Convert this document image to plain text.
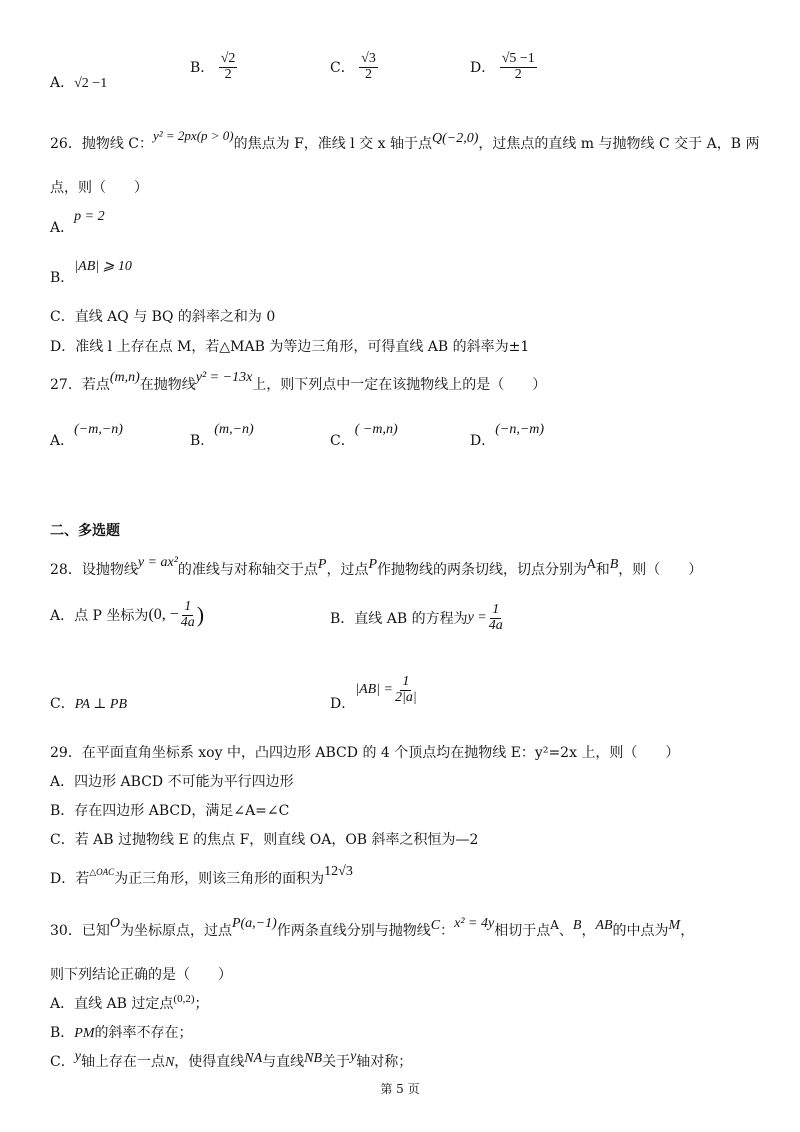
A．√2 −1
B． $\frac{√2}{2}$	C． $\frac{√3}{2}$	D． $\frac{√5 -1}{2}$
26．抛物线 C：y² = 2px(p > 0)的焦点为 F，准线 l 交 x 轴于点Q(−2,0)，过焦点的直线 m 与抛物线 C 交于 A，B 两
点，则（　　）
A．p = 2
B．|AB| ⩾ 10
C．直线 AQ 与 BQ 的斜率之和为 0
D．准线 l 上存在点 M，若△MAB 为等边三角形，可得直线 AB 的斜率为±1
27．若点(m,n)在抛物线y² = −13x上，则下列点中一定在该抛物线上的是（　　）
A．(−m,−n)
B．(m,−n)
C．( −m,n)
D．(−n,−m)
二、多选题
28．设抛物线y = ax²的准线与对称轴交于点P，过点P作抛物线的两条切线，切点分别为A和B，则（　　）
A．点 P 坐标为(0, − $\frac{1}{4a}$ )	B．直线 AB 的方程为$y = \frac{1}{4a}$
C．PA ⊥ PB	D．$|AB| = \frac{1}{2|a|}$
29．在平面直角坐标系 xoy 中，凸四边形 ABCD 的 4 个顶点均在抛物线 E：y²=2x 上，则（　　）
A．四边形 ABCD 不可能为平行四边形
B．存在四边形 ABCD，满足∠A=∠C
C．若 AB 过抛物线 E 的焦点 F，则直线 OA，OB 斜率之积恒为—2
D．若$^{\triangle OAC}$为正三角形，则该三角形的面积为12√3
30．已知O为坐标原点，过点P(a,−1)作两条直线分别与抛物线C：x² = 4y相切于点A、B，AB的中点为M，
则下列结论正确的是（　　）
A．直线 AB 过定点$^{(0,2)}$；
B．PM的斜率不存在；
C．y轴上存在一点N，使得直线NA与直线NB关于y轴对称；
第 5 页
